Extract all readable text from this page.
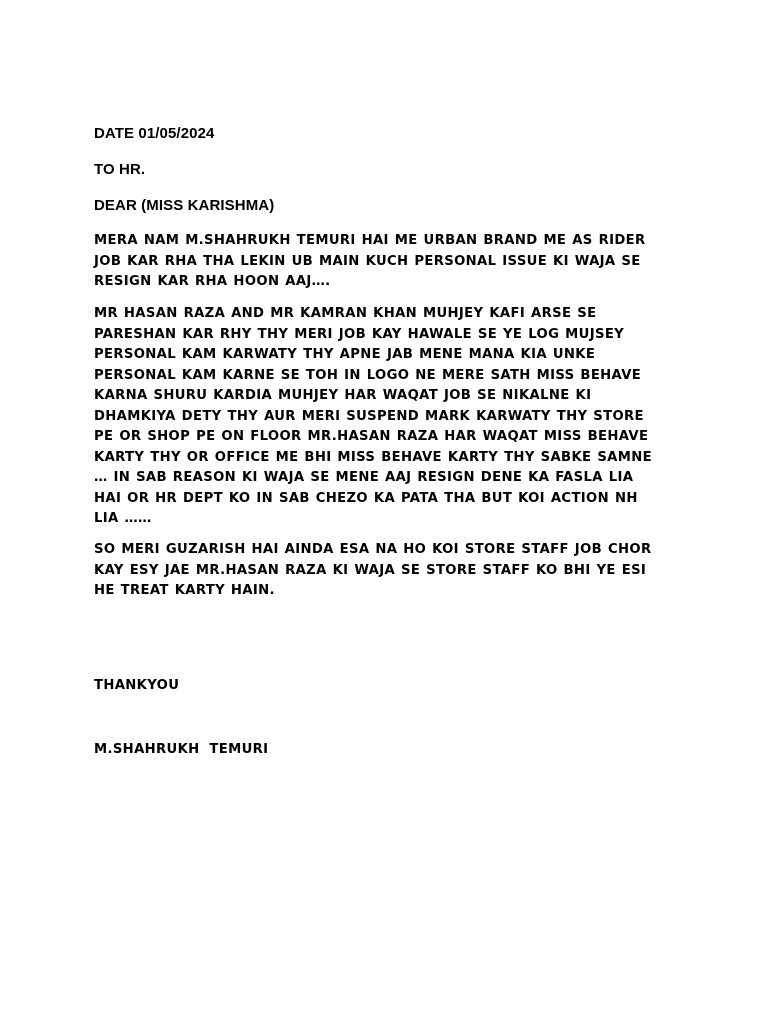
DATE 01/05/2024
TO HR.
DEAR (MISS KARISHMA)
MERA NAM M.SHAHRUKH TEMURI HAI ME URBAN BRAND ME AS RIDER
JOB KAR RHA THA LEKIN UB MAIN KUCH PERSONAL ISSUE KI WAJA SE
RESIGN KAR RHA HOON AAJ….
MR HASAN RAZA AND MR KAMRAN KHAN MUHJEY KAFI ARSE SE
PARESHAN KAR RHY THY MERI JOB KAY HAWALE SE YE LOG MUJSEY
PERSONAL KAM KARWATY THY APNE JAB MENE MANA KIA UNKE
PERSONAL KAM KARNE SE TOH IN LOGO NE MERE SATH MISS BEHAVE
KARNA SHURU KARDIA MUHJEY HAR WAQAT JOB SE NIKALNE KI
DHAMKIYA DETY THY AUR MERI SUSPEND MARK KARWATY THY STORE
PE OR SHOP PE ON FLOOR MR.HASAN RAZA HAR WAQAT MISS BEHAVE
KARTY THY OR OFFICE ME BHI MISS BEHAVE KARTY THY SABKE SAMNE
… IN SAB REASON KI WAJA SE MENE AAJ RESIGN DENE KA FASLA LIA
HAI OR HR DEPT KO IN SAB CHEZO KA PATA THA BUT KOI ACTION NH
LIA ……
SO MERI GUZARISH HAI AINDA ESA NA HO KOI STORE STAFF JOB CHOR
KAY ESY JAE MR.HASAN RAZA KI WAJA SE STORE STAFF KO BHI YE ESI
HE TREAT KARTY HAIN.
THANKYOU
M.SHAHRUKH  TEMURI
